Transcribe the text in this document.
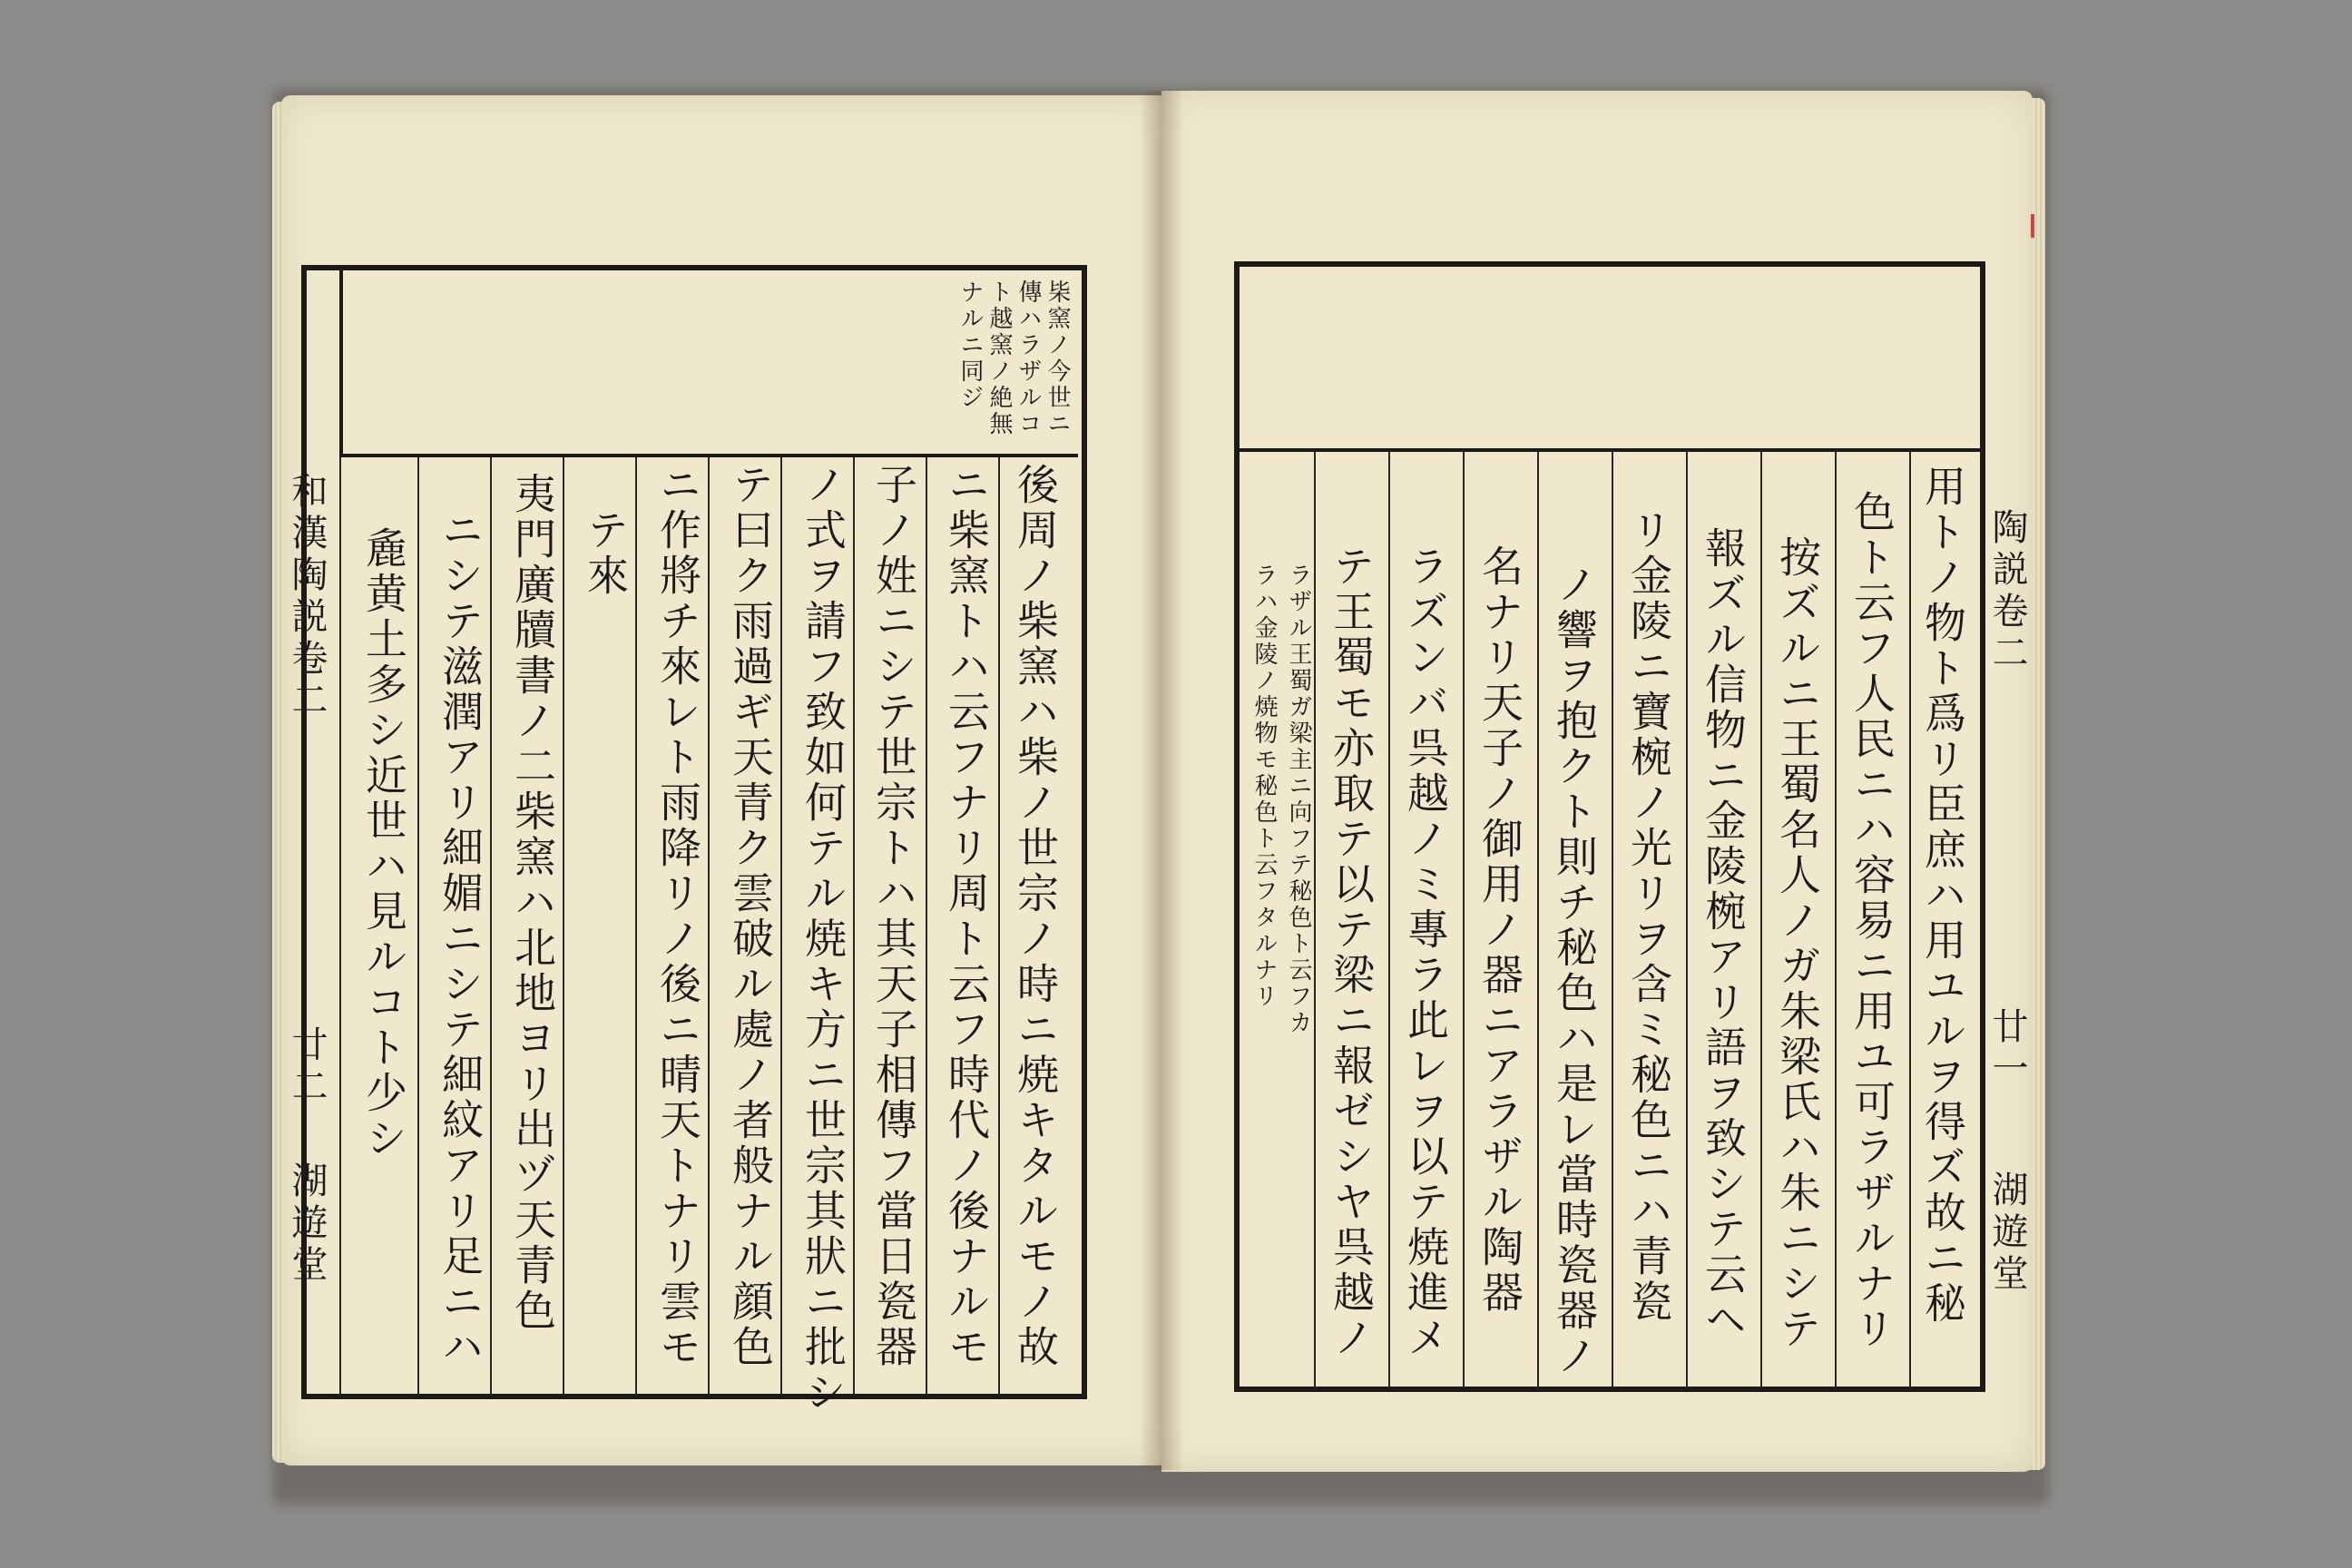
枈窯ノ今世ニ
傳ハラザルコ
ト越窯ノ絶無
ナルニ同ジ
後周ノ柴窯ハ柴ノ世宗ノ時ニ焼キタルモノ故
ニ柴窯トハ云フナリ周ト云フ時代ノ後ナルモ
子ノ姓ニシテ世宗トハ其天子相傳フ當日瓷器
ノ式ヲ請フ致如何テル焼キ方ニ世宗其狀ニ批シ
テ曰ク雨過ギ天青ク雲破ル處ノ者般ナル顔色
ニ作將チ來レト雨降リノ後ニ晴天トナリ雲モ
テ來
夷門廣牘書ノ二柴窯ハ北地ヨリ出ヅ天青色
ニシテ滋潤アリ細媚ニシテ細紋アリ足ニハ
麁黄土多シ近世ハ見ルコト少シ
和漢陶説卷二
廿二
湖遊堂	用トノ物ト爲リ臣庶ハ用ユルヲ得ズ故ニ秘
色ト云フ人民ニハ容易ニ用ユ可ラザルナリ
按ズルニ王蜀名人ノガ朱梁氏ハ朱ニシテ
報ズル信物ニ金陵椀アリ語ヲ致シテ云ヘ
リ金陵ニ寶椀ノ光リヲ含ミ秘色ニハ青瓷
ノ響ヲ抱クト則チ秘色ハ是レ當時瓷器ノ
名ナリ天子ノ御用ノ器ニアラザル陶器
ラズンバ呉越ノミ專ラ此レヲ以テ焼進メ
テ王蜀モ亦取テ以テ梁ニ報ゼシヤ呉越ノ
ラザル王蜀ガ梁主ニ向フテ秘色ト云フカ
ラハ金陵ノ焼物モ秘色ト云フタルナリ	陶説卷二
廿一
湖遊堂
